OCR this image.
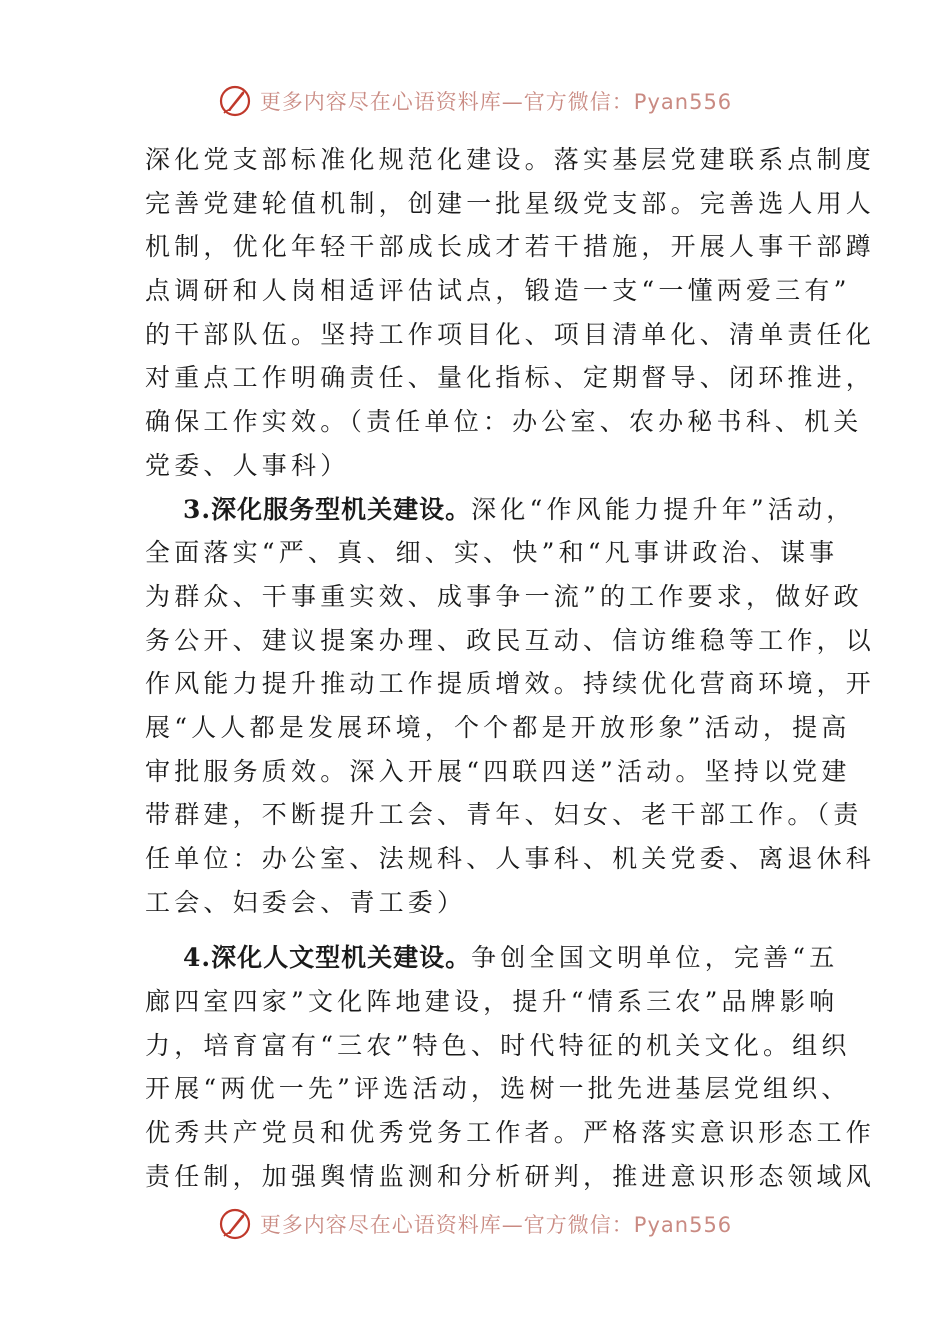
更多内容尽在心语资料库—官方微信：Pyan556
深化党支部标准化规范化建设。落实基层党建联系点制度
完善党建轮值机制，创建一批星级党支部。完善选人用人
机制，优化年轻干部成长成才若干措施，开展人事干部蹲
点调研和人岗相适评估试点，锻造一支“一懂两爱三有”
的干部队伍。坚持工作项目化、项目清单化、清单责任化
对重点工作明确责任、量化指标、定期督导、闭环推进，
确保工作实效。（责任单位：办公室、农办秘书科、机关
党委、人事科）
3.深化服务型机关建设。深化“作风能力提升年”活动，
全面落实“严、真、细、实、快”和“凡事讲政治、谋事
为群众、干事重实效、成事争一流”的工作要求，做好政
务公开、建议提案办理、政民互动、信访维稳等工作，以
作风能力提升推动工作提质增效。持续优化营商环境，开
展“人人都是发展环境，个个都是开放形象”活动，提高
审批服务质效。深入开展“四联四送”活动。坚持以党建
带群建，不断提升工会、青年、妇女、老干部工作。（责
任单位：办公室、法规科、人事科、机关党委、离退休科
工会、妇委会、青工委）
4.深化人文型机关建设。争创全国文明单位，完善“五
廊四室四家”文化阵地建设，提升“情系三农”品牌影响
力，培育富有“三农”特色、时代特征的机关文化。组织
开展“两优一先”评选活动，选树一批先进基层党组织、
优秀共产党员和优秀党务工作者。严格落实意识形态工作
责任制，加强舆情监测和分析研判，推进意识形态领域风
更多内容尽在心语资料库—官方微信：Pyan556
